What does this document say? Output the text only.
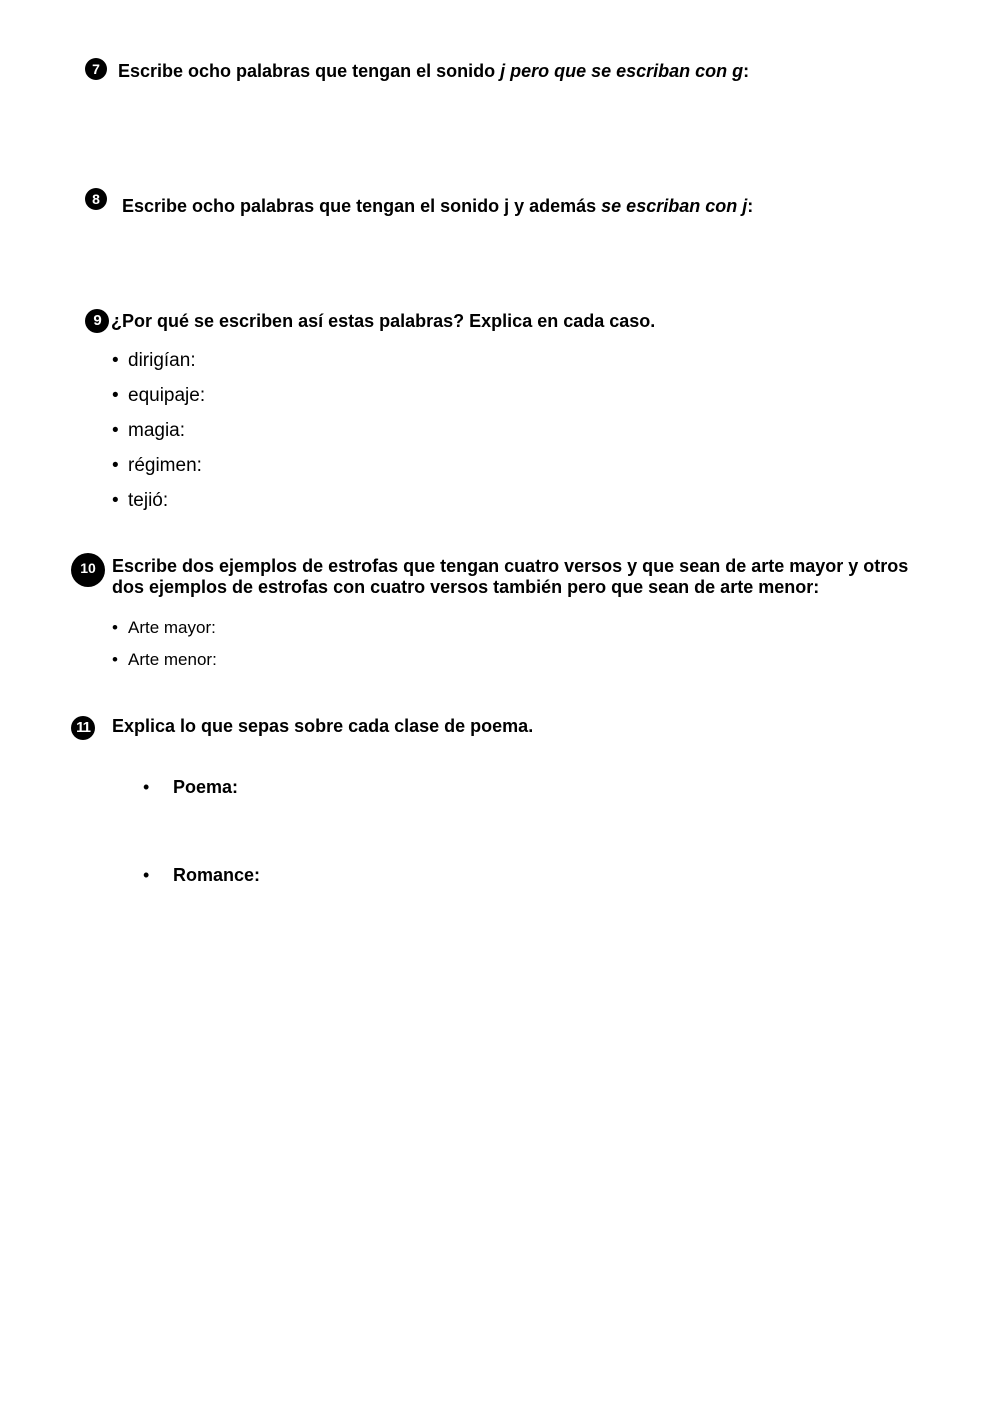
7	Escribe ocho palabras que tengan el sonido j pero que se escriban con g:
8	Escribe ocho palabras que tengan el sonido j y además se escriban con j:
9 ¿Por qué se escriben así estas palabras? Explica en cada caso.
• dirigían:
• equipaje:
• magia:
• régimen:
• tejió:
10 Escribe dos ejemplos de estrofas que tengan cuatro versos y que sean de arte mayor y otros
dos ejemplos de estrofas con cuatro versos también pero que sean de arte menor:
• Arte mayor:
• Arte menor:
11 Explica lo que sepas sobre cada clase de poema.
• Poema:
• Romance:
